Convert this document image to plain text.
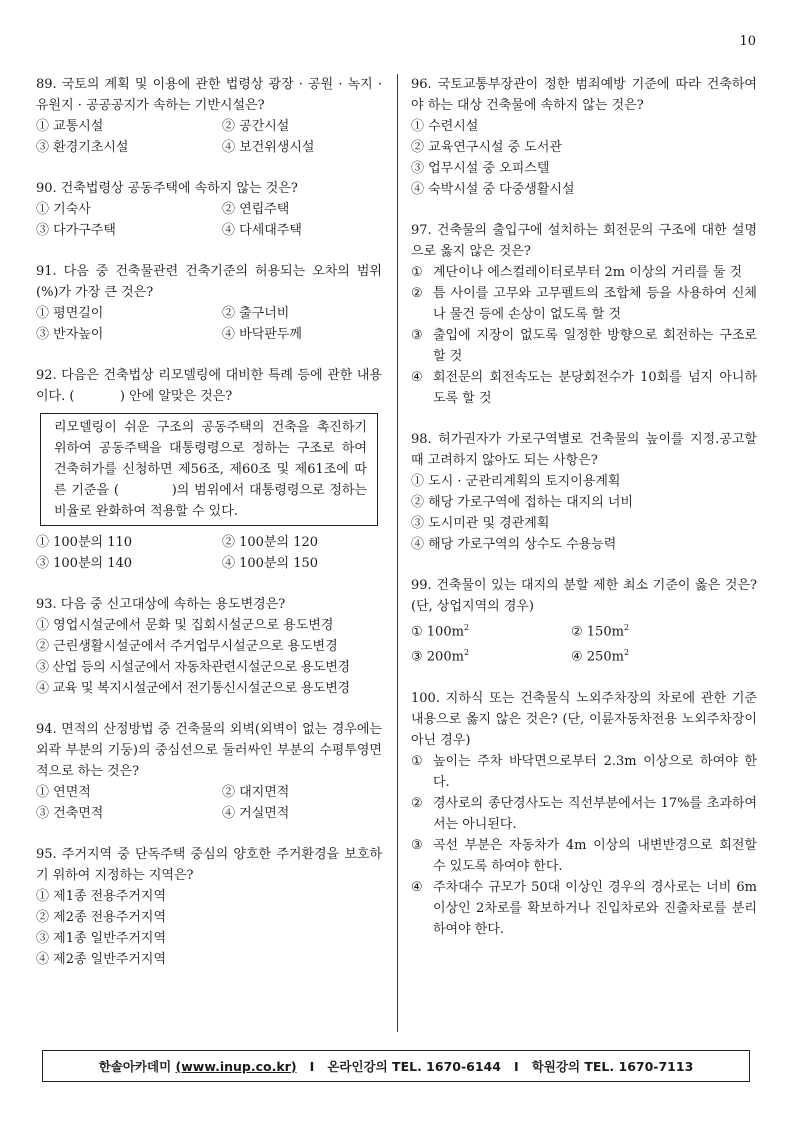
10

89. 국토의 계획 및 이용에 관한 법령상 광장 · 공원 · 녹지 · 유원지 · 공공공지가 속하는 기반시설은?

① 교통시설	② 공간시설
③ 환경기초시설	④ 보건위생시설

90. 건축법령상 공동주택에 속하지 않는 것은?

① 기숙사	② 연립주택
③ 다가구주택	④ 다세대주택

91. 다음 중 건축물관련 건축기준의 허용되는 오차의 범위(%)가 가장 큰 것은?

① 평면길이	② 출구너비
③ 반자높이	④ 바닥판두께

92. 다음은 건축법상 리모델링에 대비한 특례 등에 관한 내용이다. (           ) 안에 알맞은 것은?

리모델링이 쉬운 구조의 공동주택의 건축을 촉진하기 위하여 공동주택을 대통령령으로 정하는 구조로 하여 건축허가를 신청하면 제56조, 제60조 및 제61조에 따른 기준을 (           )의 범위에서 대통령령으로 정하는 비율로 완화하여 적용할 수 있다.
① 100분의 110	② 100분의 120
③ 100분의 140	④ 100분의 150

93. 다음 중 신고대상에 속하는 용도변경은?

① 영업시설군에서 문화 및 집회시설군으로 용도변경
② 근린생활시설군에서 주거업무시설군으로 용도변경
③ 산업 등의 시설군에서 자동차관련시설군으로 용도변경
④ 교육 및 복지시설군에서 전기통신시설군으로 용도변경

94. 면적의 산정방법 중 건축물의 외벽(외벽이 없는 경우에는 외곽 부분의 기둥)의 중심선으로 둘러싸인 부분의 수평투영면적으로 하는 것은?

① 연면적	② 대지면적
③ 건축면적	④ 거실면적

95. 주거지역 중 단독주택 중심의 양호한 주거환경을 보호하기 위하여 지정하는 지역은?

① 제1종 전용주거지역
② 제2종 전용주거지역
③ 제1종 일반주거지역
④ 제2종 일반주거지역

96. 국토교통부장관이 정한 범죄예방 기준에 따라 건축하여야 하는 대상 건축물에 속하지 않는 것은?

① 수련시설
② 교육연구시설 중 도서관
③ 업무시설 중 오피스텔
④ 숙박시설 중 다중생활시설

97. 건축물의 출입구에 설치하는 회전문의 구조에 대한 설명으로 옳지 않은 것은?

① 계단이나 에스컬레이터로부터 2m 이상의 거리를 둘 것
② 틈 사이를 고무와 고무펠트의 조합체 등을 사용하여 신체나 물건 등에 손상이 없도록 할 것
③ 출입에 지장이 없도록 일정한 방향으로 회전하는 구조로 할 것
④ 회전문의 회전속도는 분당회전수가 10회를 넘지 아니하도록 할 것

98. 허가권자가 가로구역별로 건축물의 높이를 지정.공고할 때 고려하지 않아도 되는 사항은?

① 도시 · 군관리계획의 토지이용계획
② 해당 가로구역에 접하는 대지의 너비
③ 도시미관 및 경관계획
④ 해당 가로구역의 상수도 수용능력

99. 건축물이 있는 대지의 분할 제한 최소 기준이 옳은 것은? (단, 상업지역의 경우)

① $100m^2$	② $150m^2$
③ $200m^2$	④ $250m^2$

100. 지하식 또는 건축물식 노외주차장의 차로에 관한 기준내용으로 옳지 않은 것은? (단, 이륜자동차전용 노외주차장이 아닌 경우)

① 높이는 주차 바닥면으로부터 2.3m 이상으로 하여야 한다.
② 경사로의 종단경사도는 직선부분에서는 17%를 초과하여서는 아니된다.
③ 곡선 부분은 자동차가 4m 이상의 내변반경으로 회전할 수 있도록 하여야 한다.
④ 주차대수 규모가 50대 이상인 경우의 경사로는 너비 6m 이상인 2차로를 확보하거나 진입차로와 진출차로를 분리하여야 한다.
한솔아카데미 (www.inup.co.kr) I 온라인강의 TEL. 1670-6144 I 학원강의 TEL. 1670-7113
